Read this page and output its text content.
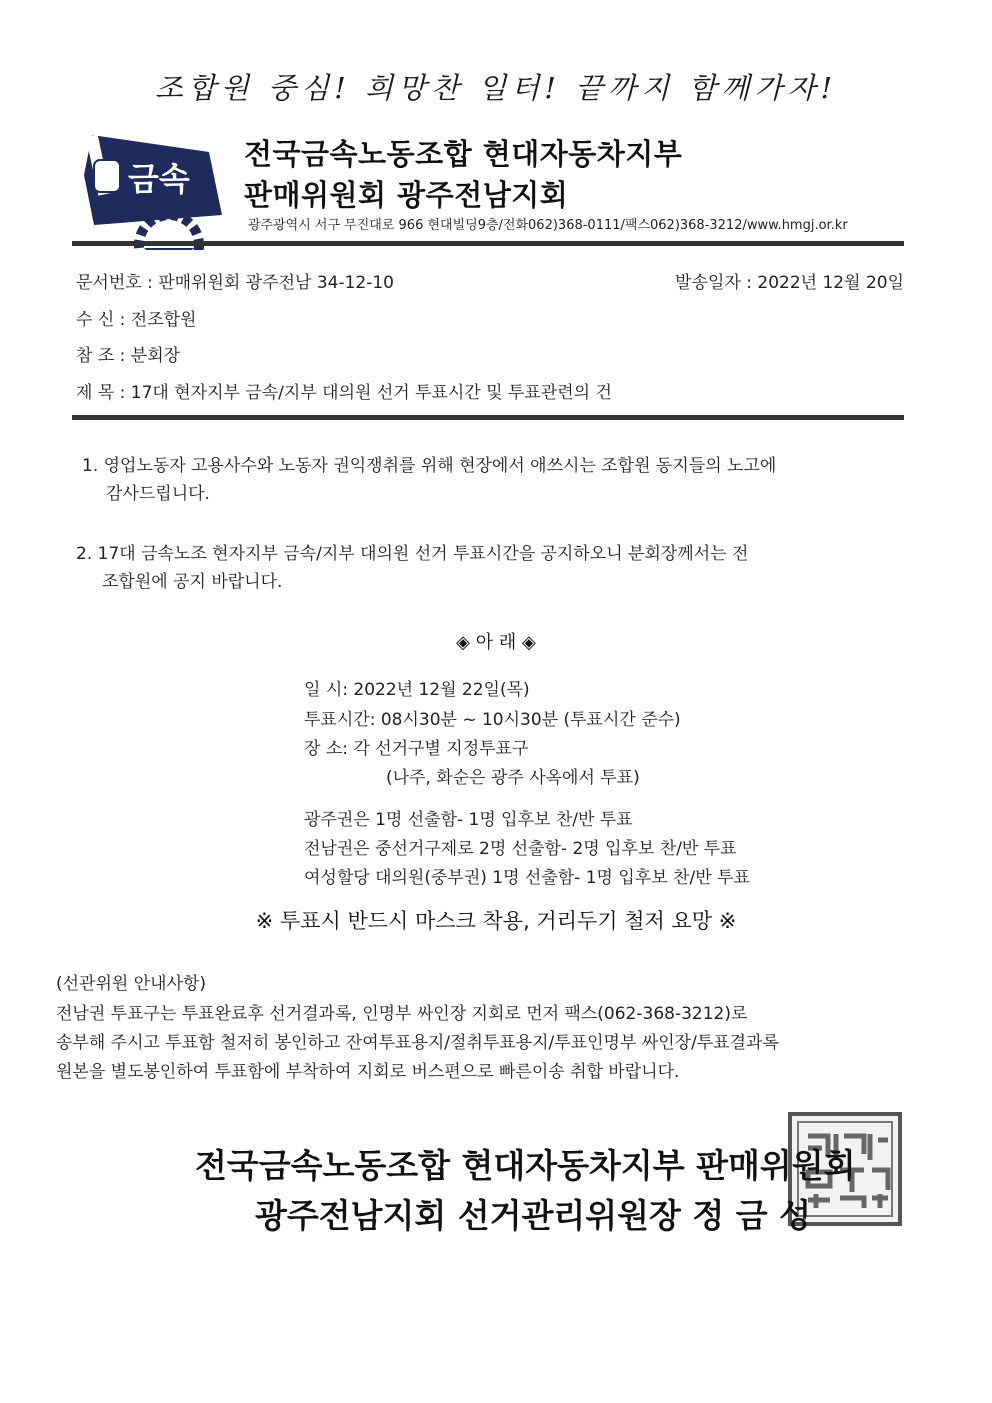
조합원 중심! 희망찬 일터! 끝까지 함께가자!
금속
전국금속노동조합 현대자동차지부
판매위원회 광주전남지회
광주광역시 서구 무진대로 966 현대빌딩9층/전화062)368-0111/팩스062)368-3212/www.hmgj.or.kr
문서번호 : 판매위원회 광주전남 34-12-10	발송일자 : 2022년 12월 20일
수 신 : 전조합원
참 조 : 분회장
제 목 : 17대 현자지부 금속/지부 대의원 선거 투표시간 및 투표관련의 건
1. 영업노동자 고용사수와 노동자 권익쟁취를 위해 현장에서 애쓰시는 조합원 동지들의 노고에
감사드립니다.
2. 17대 금속노조 현자지부 금속/지부 대의원 선거 투표시간을 공지하오니 분회장께서는 전
조합원에 공지 바랍니다.
◈ 아 래 ◈
일 시: 2022년 12월 22일(목)
투표시간: 08시30분 ~ 10시30분 (투표시간 준수)
장 소: 각 선거구별 지정투표구
(나주, 화순은 광주 사옥에서 투표)
광주권은 1명 선출함- 1명 입후보 찬/반 투표
전남권은 중선거구제로 2명 선출함- 2명 입후보 찬/반 투표
여성할당 대의원(중부권) 1명 선출함- 1명 입후보 찬/반 투표
※ 투표시 반드시 마스크 착용, 거리두기 철저 요망 ※
(선관위원 안내사항)
전남권 투표구는 투표완료후 선거결과록, 인명부 싸인장 지회로 먼저 팩스(062-368-3212)로
송부해 주시고 투표함 철저히 봉인하고 잔여투표용지/절취투표용지/투표인명부 싸인장/투표결과록
원본을 별도봉인하여 투표함에 부착하여 지회로 버스편으로 빠른이송 취합 바랍니다.
전국금속노동조합 현대자동차지부 판매위원회
광주전남지회 선거관리위원장 정 금 성
